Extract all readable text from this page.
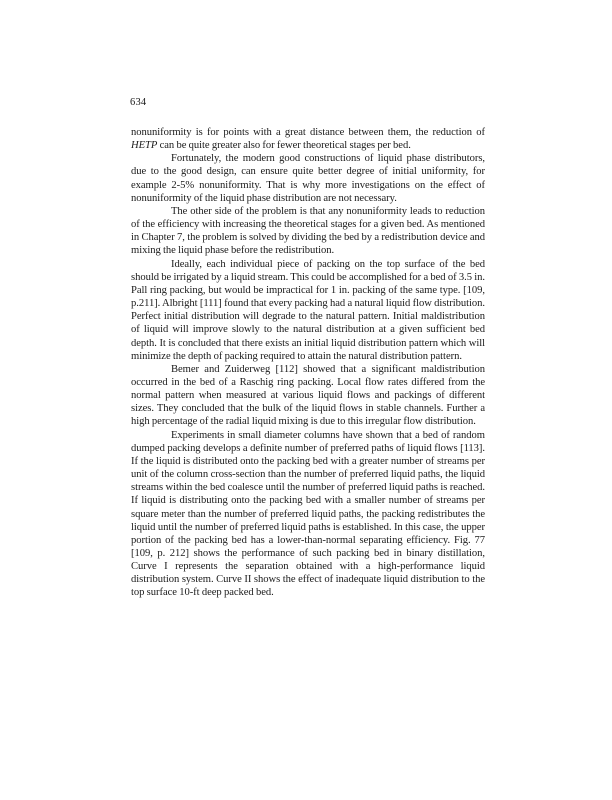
634

nonuniformity is for points with a great distance between them, the reduction of HETP can be quite greater also for fewer theoretical stages per bed.

Fortunately, the modern good constructions of liquid phase distributors, due to the good design, can ensure quite better degree of initial uniformity, for example 2-5% nonuniformity. That is why more investigations on the effect of nonuniformity of the liquid phase distribution are not necessary.

The other side of the problem is that any nonuniformity leads to reduction of the efficiency with increasing the theoretical stages for a given bed. As mentioned in Chapter 7, the problem is solved by dividing the bed by a redistribution device and mixing the liquid phase before the redistribution.

Ideally, each individual piece of packing on the top surface of the bed should be irrigated by a liquid stream. This could be accomplished for a bed of 3.5 in. Pall ring packing, but would be impractical for 1 in. packing of the same type. [109, p.211]. Albright [111] found that every packing had a natural liquid flow distribution. Perfect initial distribution will degrade to the natural pattern. Initial maldistribution of liquid will improve slowly to the natural distribution at a given sufficient bed depth. It is concluded that there exists an initial liquid distribution pattern which will minimize the depth of packing required to attain the natural distribution pattern.

Bemer and Zuiderweg [112] showed that a significant maldistribution occurred in the bed of a Raschig ring packing. Local flow rates differed from the normal pattern when measured at various liquid flows and packings of different sizes. They concluded that the bulk of the liquid flows in stable channels. Further a high percentage of the radial liquid mixing is due to this irregular flow distribution.

Experiments in small diameter columns have shown that a bed of random dumped packing develops a definite number of preferred paths of liquid flows [113]. If the liquid is distributed onto the packing bed with a greater number of streams per unit of the column cross-section than the number of preferred liquid paths, the liquid streams within the bed coalesce until the number of preferred liquid paths is reached. If liquid is distributing onto the packing bed with a smaller number of streams per square meter than the number of preferred liquid paths, the packing redistributes the liquid until the number of preferred liquid paths is established. In this case, the upper portion of the packing bed has a lower-than-normal separating efficiency. Fig. 77 [109, p. 212] shows the performance of such packing bed in binary distillation, Curve I represents the separation obtained with a high-performance liquid distribution system. Curve II shows the effect of inadequate liquid distribution to the top surface 10-ft deep packed bed.
